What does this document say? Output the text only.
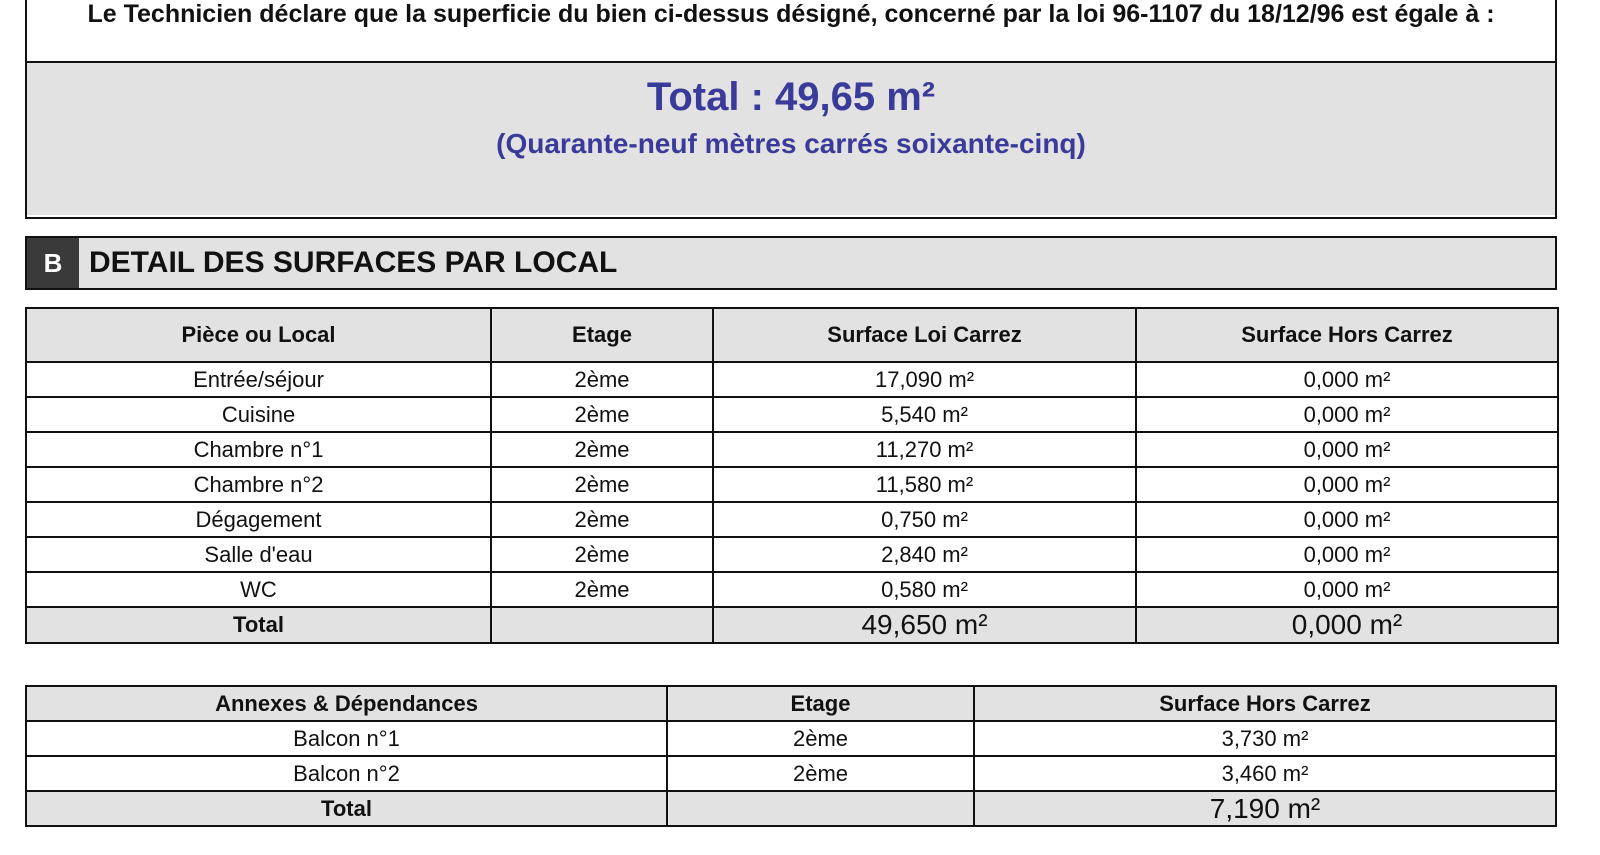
Le Technicien déclare que la superficie du bien ci-dessus désigné, concerné par la loi 96-1107 du 18/12/96 est égale à :
Total : 49,65 m²
(Quarante-neuf mètres carrés soixante-cinq)
B DETAIL DES SURFACES PAR LOCAL
Pièce ou Local	Etage	Surface Loi Carrez	Surface Hors Carrez
Entrée/séjour	2ème	17,090 m²	0,000 m²
Cuisine	2ème	5,540 m²	0,000 m²
Chambre n°1	2ème	11,270 m²	0,000 m²
Chambre n°2	2ème	11,580 m²	0,000 m²
Dégagement	2ème	0,750 m²	0,000 m²
Salle d'eau	2ème	2,840 m²	0,000 m²
WC	2ème	0,580 m²	0,000 m²
Total		49,650 m²	0,000 m²
Annexes & Dépendances	Etage	Surface Hors Carrez
Balcon n°1	2ème	3,730 m²
Balcon n°2	2ème	3,460 m²
Total		7,190 m²
